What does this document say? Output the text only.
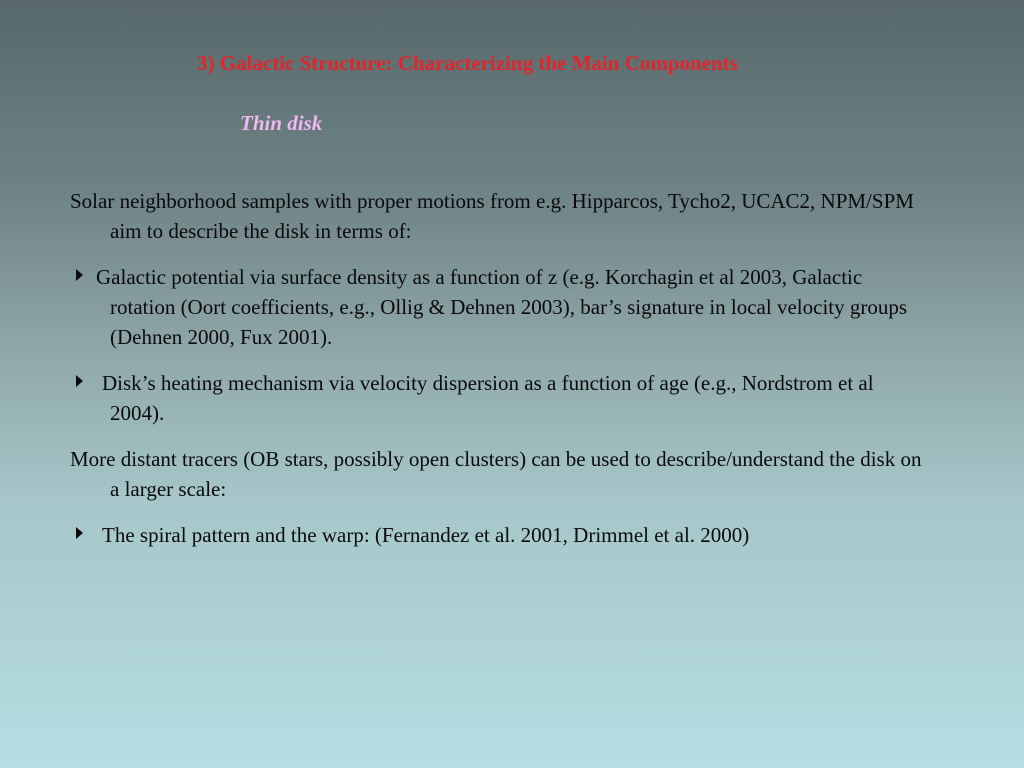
3) Galactic Structure: Characterizing the Main Components
Thin disk

Solar neighborhood samples with proper motions from e.g. Hipparcos, Tycho2, UCAC2, NPM/SPM aim to describe the disk in terms of:

Galactic potential via surface density as a function of z (e.g. Korchagin et al 2003, Galactic rotation (Oort coefficients, e.g., Ollig & Dehnen 2003), bar’s signature in local velocity groups (Dehnen 2000, Fux 2001).
Disk’s heating mechanism via velocity dispersion as a function of age (e.g., Nordstrom et al 2004).

More distant tracers (OB stars, possibly open clusters) can be used to describe/understand the disk on a larger scale:

The spiral pattern and the warp: (Fernandez et al. 2001, Drimmel et al. 2000)
